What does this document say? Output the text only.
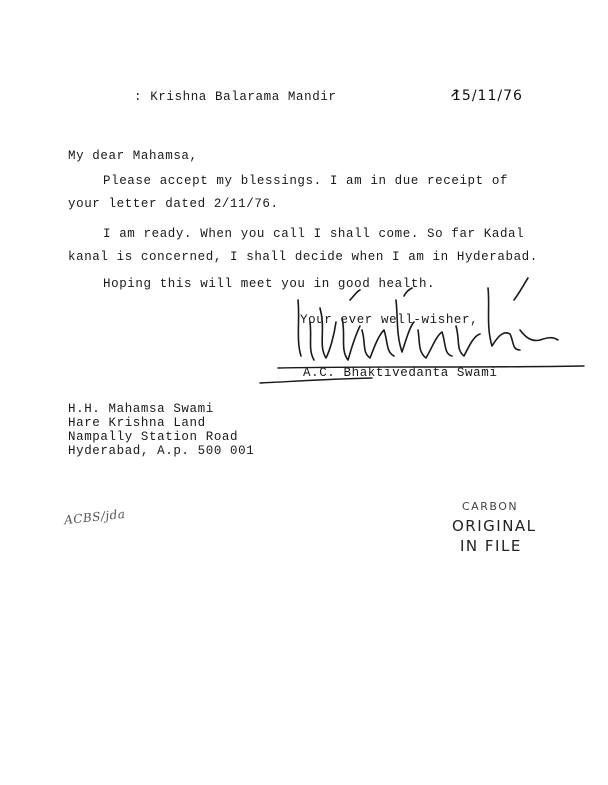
: Krishna Balarama Mandir	15/11/76
My dear Mahamsa,
Please accept my blessings. I am in due receipt of
your letter dated 2/11/76.
I am ready. When you call I shall come. So far Kadal
kanal is concerned, I shall decide when I am in Hyderabad.
Hoping this will meet you in good health.
Your ever well-wisher,
A.C. Bhaktivedanta Swami
H.H. Mahamsa Swami
Hare Krishna Land
Nampally Station Road
Hyderabad, A.p. 500 001
ACBS/jda
CARBON
ORIGINAL
IN FILE
